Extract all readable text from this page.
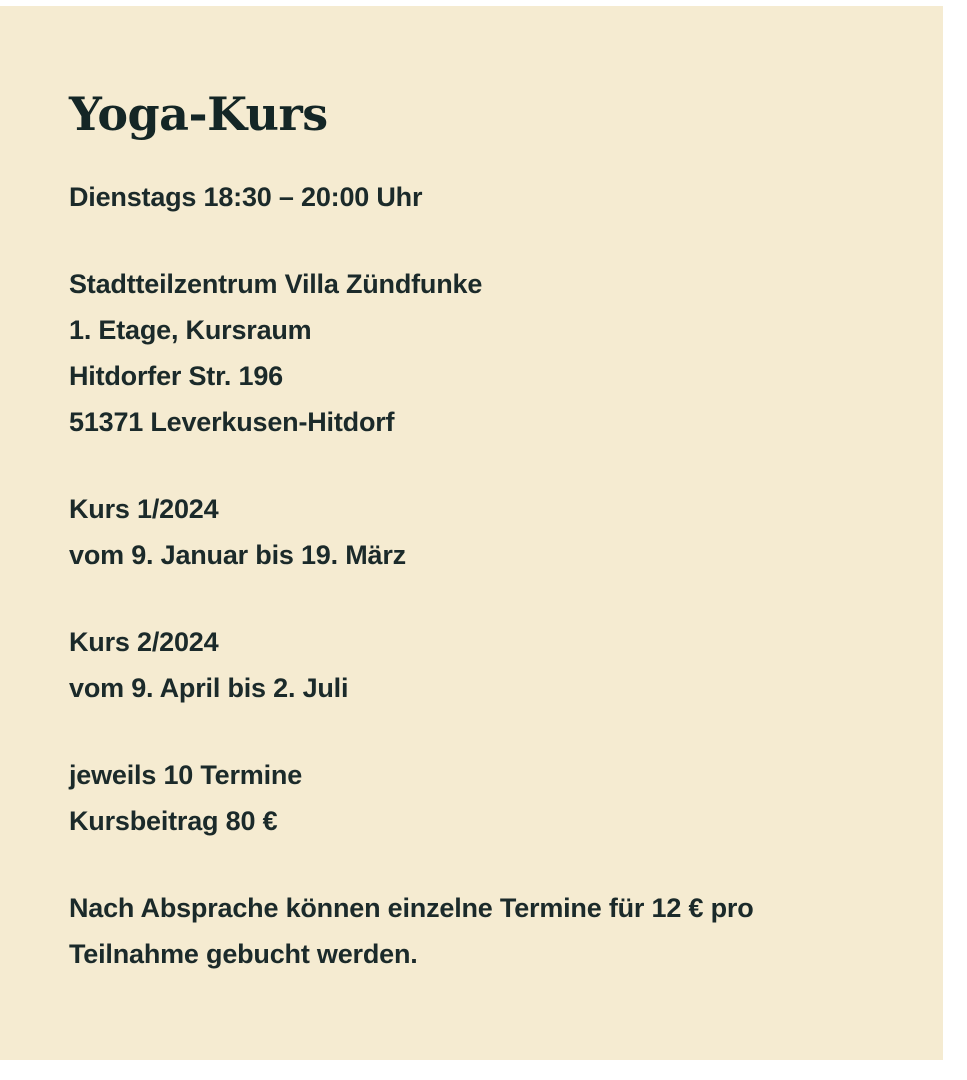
Yoga-Kurs

Dienstags 18:30 – 20:00 Uhr

Stadtteilzentrum Villa Zündfunke
1. Etage, Kursraum
Hitdorfer Str. 196
51371 Leverkusen-Hitdorf

Kurs 1/2024
vom 9. Januar bis 19. März

Kurs 2/2024
vom 9. April bis 2. Juli

jeweils 10 Termine
Kursbeitrag 80 €

Nach Absprache können einzelne Termine für 12 € pro
Teilnahme gebucht werden.
